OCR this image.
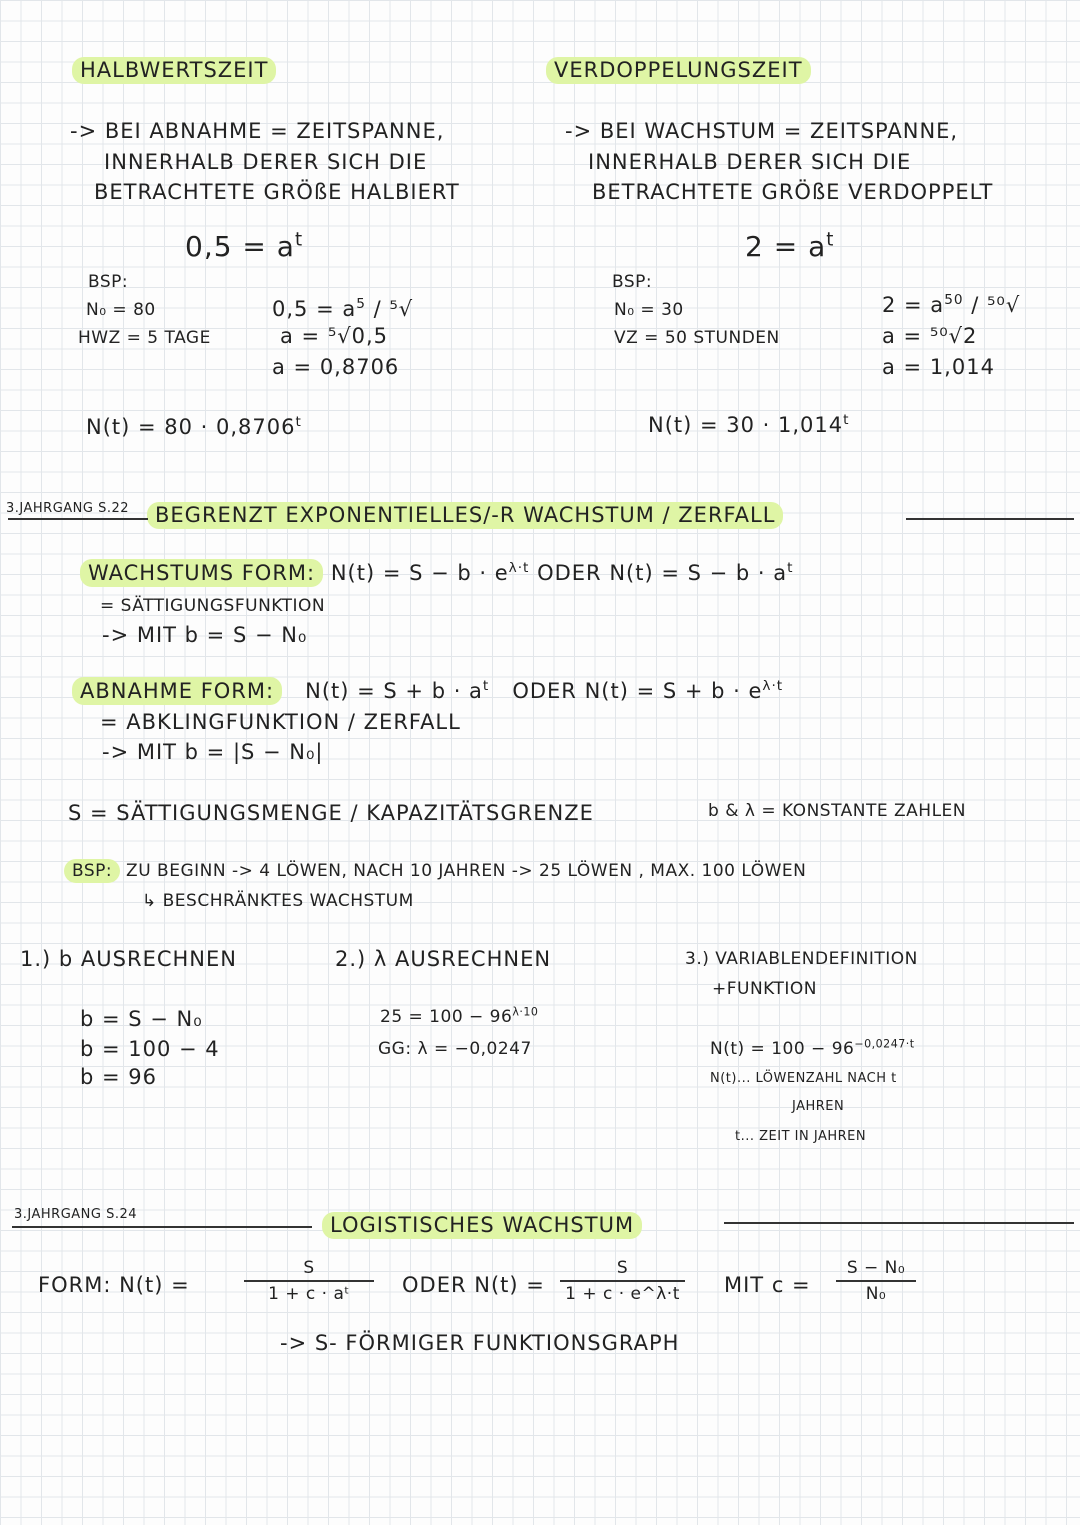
HALBWERTSZEIT
-> BEI ABNAHME = ZEITSPANNE,
INNERHALB DERER SICH DIE
BETRACHTETE GRÖßE HALBIERT
$0,5 = a^t$
BSP:
N₀ = 80
HWZ = 5 TAGE
$0,5 = a^5 / ^5√$
a = ⁵√0,5
a = 0,8706
$N(t) = 80 \cdot 0,8706^t$
VERDOPPELUNGSZEIT
-> BEI WACHSTUM = ZEITSPANNE,
INNERHALB DERER SICH DIE
BETRACHTETE GRÖßE VERDOPPELT
$2 = a^t$
BSP:
N₀ = 30
VZ = 50 STUNDEN
$2 = a^{50} / ^{50}√$
a = ⁵⁰√2
a = 1,014
$N(t) = 30 \cdot 1,014^t$
3.JAHRGANG S.22	BEGRENZT EXPONENTIELLES/-R WACHSTUM / ZERFALL
WACHSTUMS FORM: $N(t) = S - b \cdot e^{\lambda\cdot t}$ ODER $N(t) = S - b \cdot a^t$
= SÄTTIGUNGSFUNKTION
-> MIT b = S − N₀
ABNAHME FORM: $N(t) = S + b \cdot a^t$ ODER $N(t) = S + b \cdot e^{\lambda\cdot t}$
= ABKLINGFUNKTION / ZERFALL
-> MIT b = |S − N₀|
S = SÄTTIGUNGSMENGE / KAPAZITÄTSGRENZE	b & λ = KONSTANTE ZAHLEN
BSP: ZU BEGINN -> 4 LÖWEN, NACH 10 JAHREN -> 25 LÖWEN , MAX. 100 LÖWEN
↳ BESCHRÄNKTES WACHSTUM
1.) b AUSRECHNEN
b = S − N₀
b = 100 − 4
b = 96
2.) λ AUSRECHNEN
$25 = 100 - 96^{\lambda\cdot 10}$
GG: λ = −0,0247
3.) VARIABLENDEFINITION
+FUNKTION
$N(t) = 100 - 96^{-0,0247\cdot t}$
N(t)... LÖWENZAHL NACH t
JAHREN
t... ZEIT IN JAHREN
3.JAHRGANG S.24	LOGISTISCHES WACHSTUM
FORM: N(t) =
S
1 + c · aᵗ	ODER N(t) =
S
1 + c · e^λ·t MIT c =
S − N₀
N₀
-> S- FÖRMIGER FUNKTIONSGRAPH
